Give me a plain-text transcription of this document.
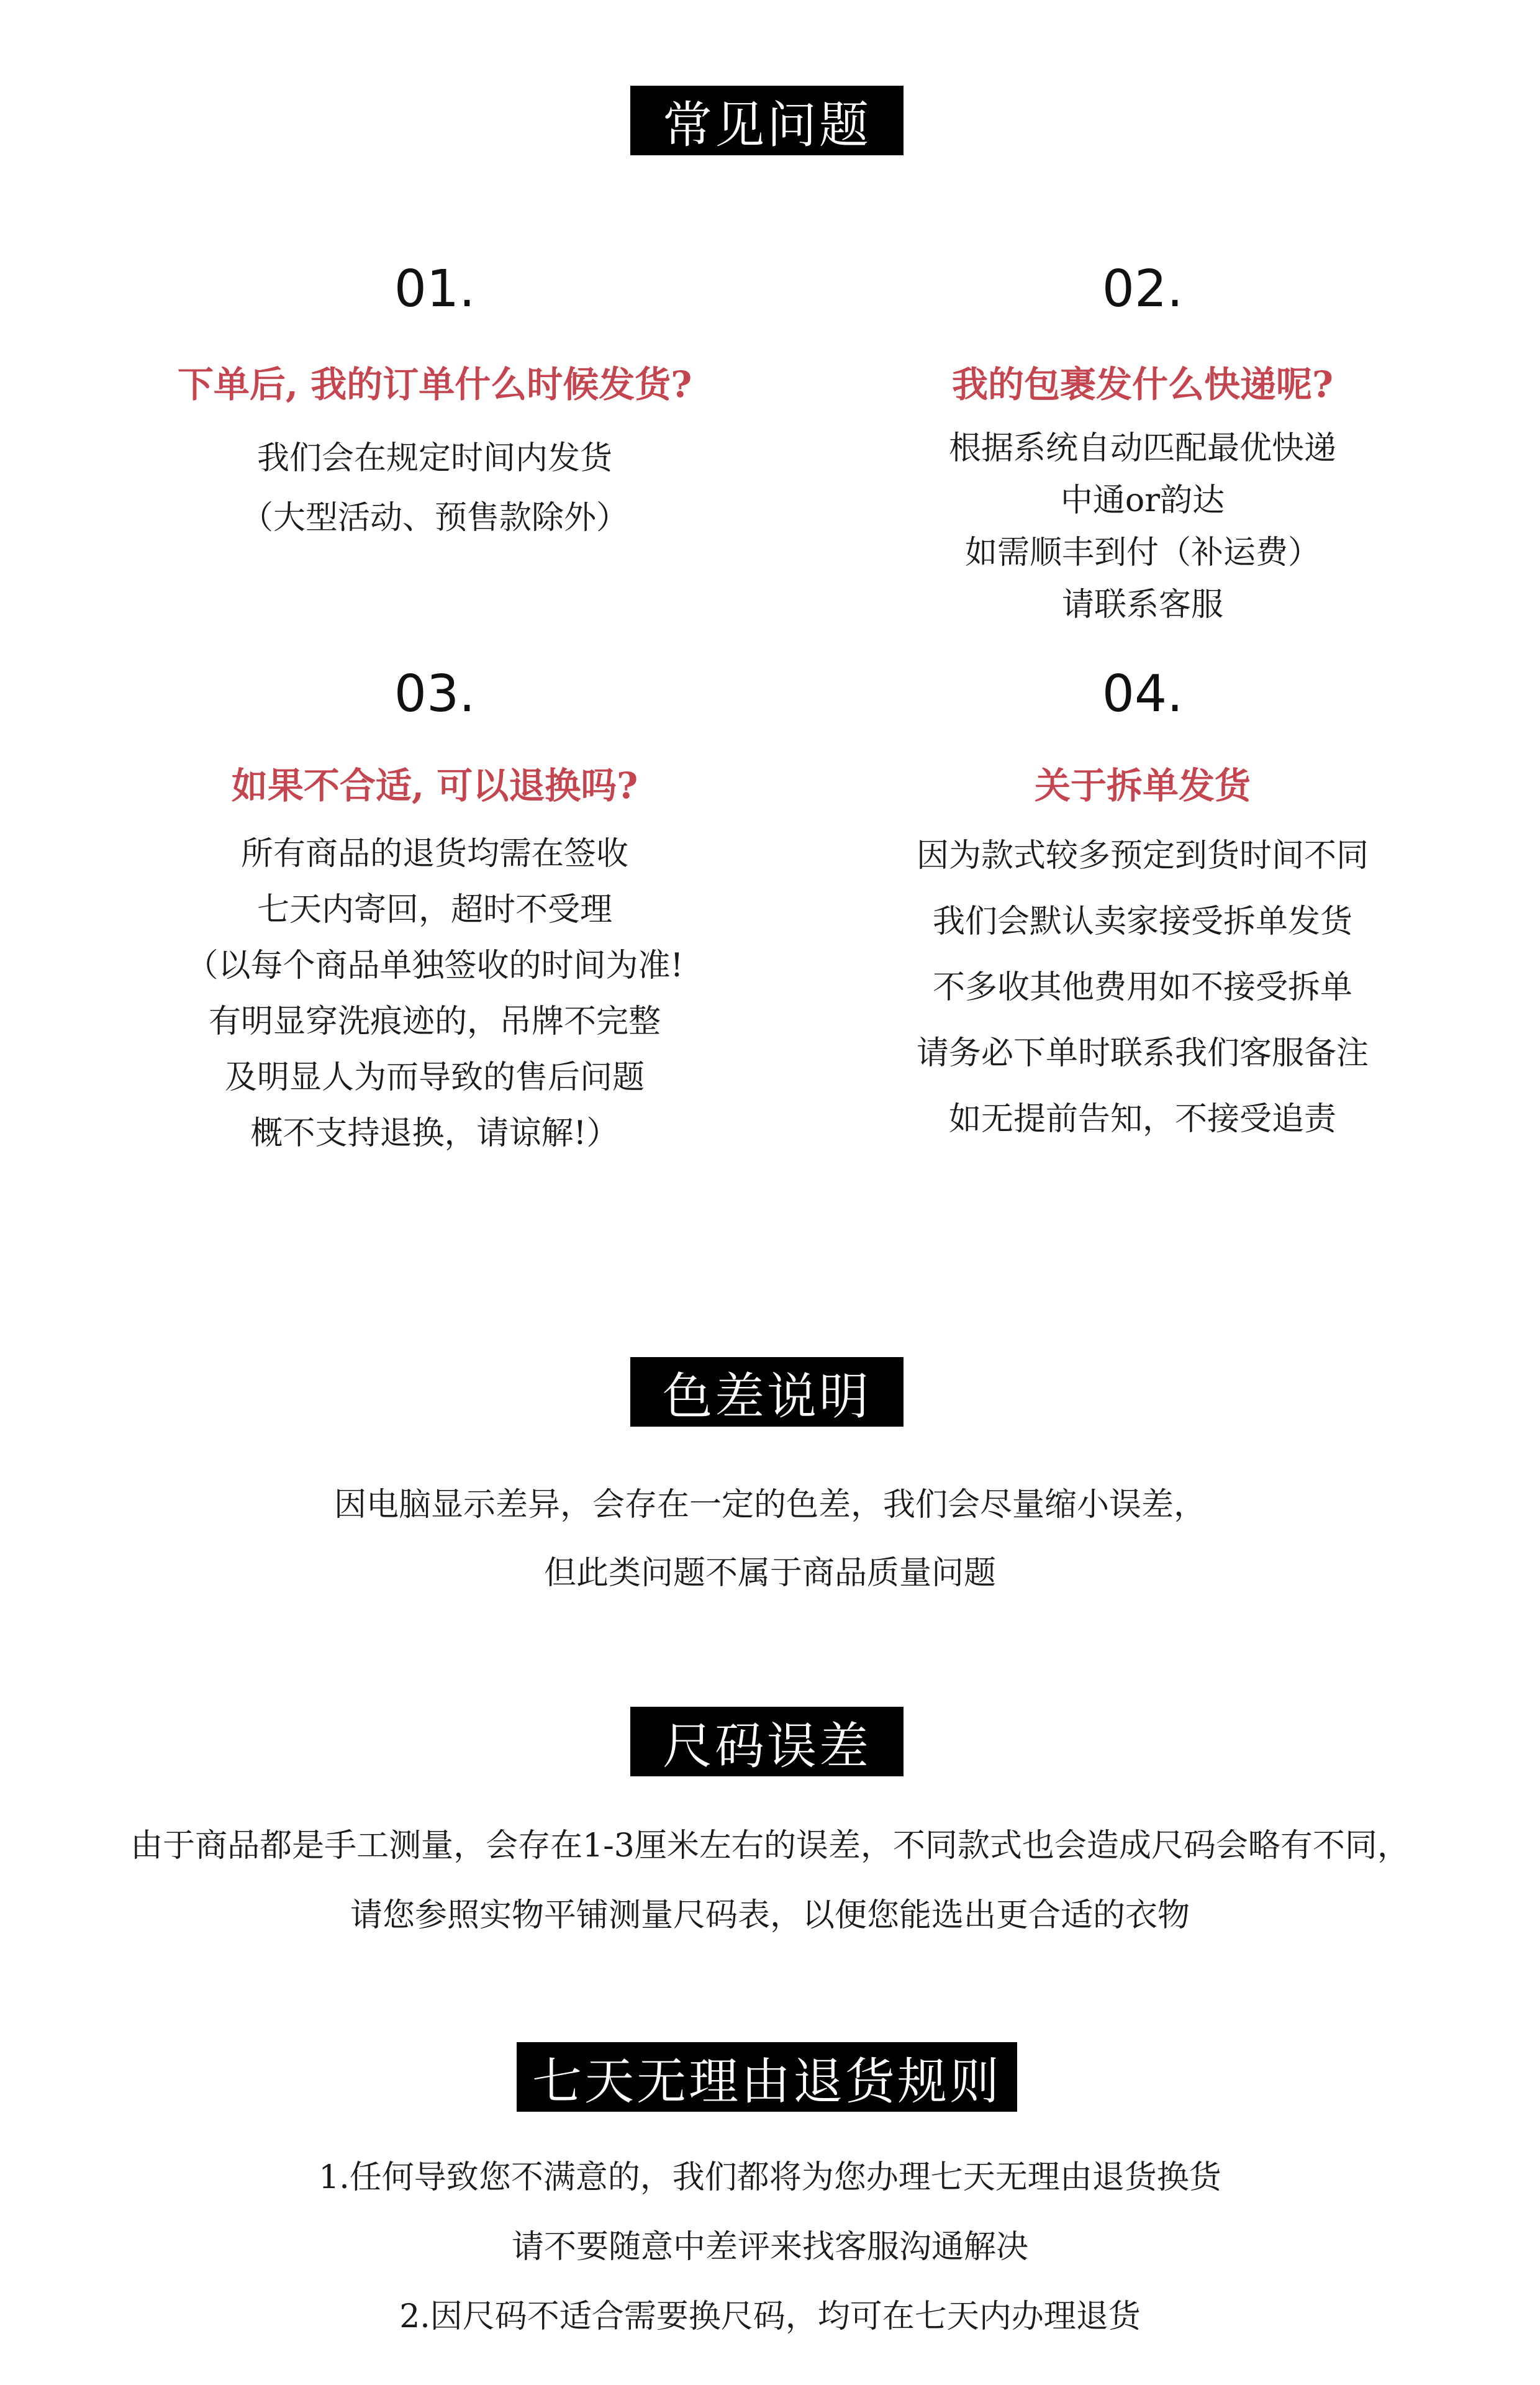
常见问题
01.
下单后, 我的订单什么时候发货?
我们会在规定时间内发货
（大型活动、预售款除外）
02.
我的包裹发什么快递呢?
根据系统自动匹配最优快递
中通or韵达
如需顺丰到付（补运费）
请联系客服
03.
如果不合适, 可以退换吗?
所有商品的退货均需在签收
七天内寄回，超时不受理
（以每个商品单独签收的时间为准!
有明显穿洗痕迹的，吊牌不完整
及明显人为而导致的售后问题
概不支持退换，请谅解!）
04.
关于拆单发货
因为款式较多预定到货时间不同
我们会默认卖家接受拆单发货
不多收其他费用如不接受拆单
请务必下单时联系我们客服备注
如无提前告知，不接受追责
色差说明
因电脑显示差异，会存在一定的色差，我们会尽量缩小误差，
但此类问题不属于商品质量问题
尺码误差
由于商品都是手工测量，会存在1-3厘米左右的误差，不同款式也会造成尺码会略有不同，
请您参照实物平铺测量尺码表，以便您能选出更合适的衣物
七天无理由退货规则
1.任何导致您不满意的，我们都将为您办理七天无理由退货换货
请不要随意中差评来找客服沟通解决
2.因尺码不适合需要换尺码，均可在七天内办理退货
